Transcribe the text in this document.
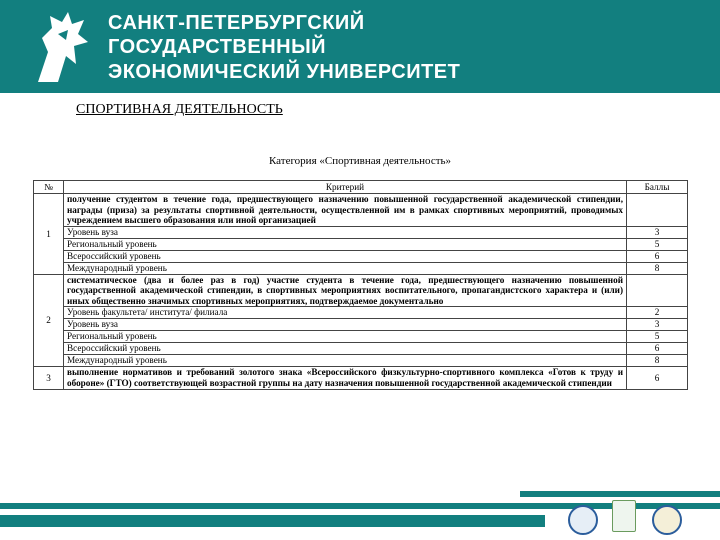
САНКТ-ПЕТЕРБУРГСКИЙ
ГОСУДАРСТВЕННЫЙ
ЭКОНОМИЧЕСКИЙ УНИВЕРСИТЕТ
СПОРТИВНАЯ ДЕЯТЕЛЬНОСТЬ
Категория «Спортивная деятельность»
№	Критерий	Баллы
1	получение студентом в течение года, предшествующего назначению повышенной государственной академической стипендии, награды (приза) за результаты спортивной деятельности, осуществленной им в рамках спортивных мероприятий, проводимых учреждением высшего образования или иной организацией	
	Уровень вуза	3
	Региональный уровень	5
	Всероссийский уровень	6
	Международный уровень	8
2	систематическое (два и более раз в год) участие студента в течение года, предшествующего назначению повышенной государственной академической стипендии, в спортивных мероприятиях воспитательного, пропагандистского характера и (или) иных общественно значимых спортивных мероприятиях, подтверждаемое документально	
	Уровень факультета/ института/ филиала	2
	Уровень вуза	3
	Региональный уровень	5
	Всероссийский уровень	6
	Международный уровень	8
3	выполнение нормативов и требований золотого знака «Всероссийского физкультурно-спортивного комплекса «Готов к труду и обороне» (ГТО) соответствующей возрастной группы на дату назначения повышенной государственной академической стипендии	6
